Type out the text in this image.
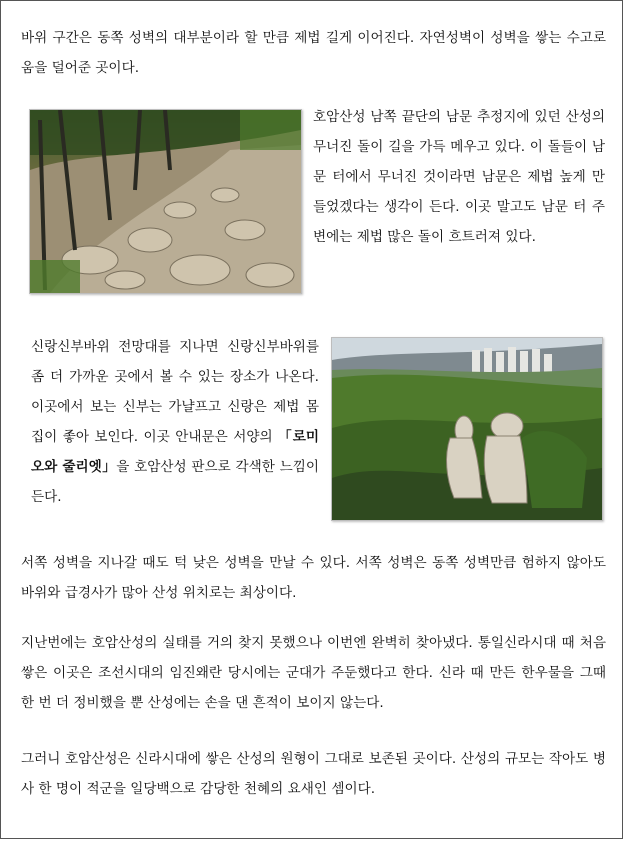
바위 구간은 동쪽 성벽의 대부분이라 할 만큼 제법 길게 이어진다. 자연성벽이 성벽을 쌓는 수고로움을 덜어준 곳이다.

호암산성 남쪽 끝단의 남문 추정지에 있던 산성의 무너진 돌이 길을 가득 메우고 있다. 이 돌들이 남문 터에서 무너진 것이라면 남문은 제법 높게 만들었겠다는 생각이 든다. 이곳 말고도 남문 터 주변에는 제법 많은 돌이 흐트러져 있다.

신랑신부바위 전망대를 지나면 신랑신부바위를 좀 더 가까운 곳에서 볼 수 있는 장소가 나온다. 이곳에서 보는 신부는 가냘프고 신랑은 제법 몸집이 좋아 보인다. 이곳 안내문은 서양의 「로미오와 줄리엣」을 호암산성 판으로 각색한 느낌이 든다.

서쪽 성벽을 지나갈 때도 턱 낮은 성벽을 만날 수 있다. 서쪽 성벽은 동쪽 성벽만큼 험하지 않아도 바위와 급경사가 많아 산성 위치로는 최상이다.

지난번에는 호암산성의 실태를 거의 찾지 못했으나 이번엔 완벽히 찾아냈다. 통일신라시대 때 처음 쌓은 이곳은 조선시대의 임진왜란 당시에는 군대가 주둔했다고 한다. 신라 때 만든 한우물을 그때 한 번 더 정비했을 뿐 산성에는 손을 댄 흔적이 보이지 않는다.

그러니 호암산성은 신라시대에 쌓은 산성의 원형이 그대로 보존된 곳이다. 산성의 규모는 작아도 병사 한 명이 적군을 일당백으로 감당한 천혜의 요새인 셈이다.
